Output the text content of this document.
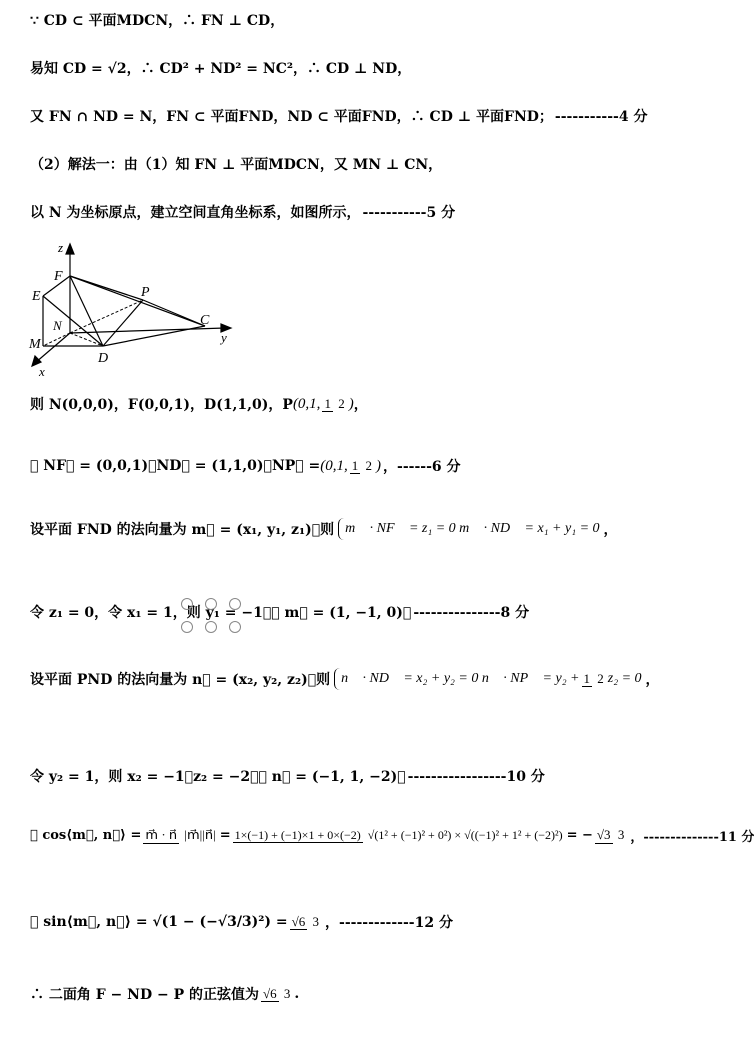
∵ CD ⊂ 平面MDCN，∴ FN ⊥ CD，
易知 CD = √2，∴ CD² + ND² = NC²，∴ CD ⊥ ND，
又 FN ∩ ND = N，FN ⊂ 平面FND，ND ⊂ 平面FND，∴ CD ⊥ 平面FND； -----------4 分
（2）解法一：由（1）知 FN ⊥ 平面MDCN，又 MN ⊥ CN，
以 N 为坐标原点，建立空间直角坐标系，如图所示， -----------5 分
z
y
x
F
E	P
N	C
M
D
则 N(0,0,0)，F(0,0,1)，D(1,1,0)，P (0,1, 1 2 ) ，
∴ NF⃗ = (0,0,1)，ND⃗ = (1,1,0)，NP⃗ = (0,1, 1 2 ) ，------6 分
设平面 FND 的法向量为 m⃗ = (x₁, y₁, z₁)，则 m⃗ · NF⃗ = z₁ = 0 m⃗ · ND⃗ = x₁ + y₁ = 0 ，
令 z₁ = 0，令 x₁ = 1，则 y₁ = −1，∴ m⃗ = (1, −1, 0)， ---------------8 分
设平面 PND 的法向量为 n⃗ = (x₂, y₂, z₂)，则 n⃗ · ND⃗ = x₂ + y₂ = 0 n⃗ · NP⃗ = y₂ + 1 2 z₂ = 0 ，
令 y₂ = 1，则 x₂ = −1，z₂ = −2，∴ n⃗ = (−1, 1, −2)， -----------------10 分
∴ cos⟨m⃗, n⃗⟩ = m⃗ · n⃗ |m⃗||n⃗| = 1×(−1) + (−1)×1 + 0×(−2) √(1² + (−1)² + 0²) × √((−1)² + 1² + (−2)²) = − √3 3 ，--------------11 分
∴ sin⟨m⃗, n⃗⟩ = √(1 − (−√3/3)²) = √6 3 ，-------------12 分
∴ 二面角 F − ND − P 的正弦值为 √6 3 .
